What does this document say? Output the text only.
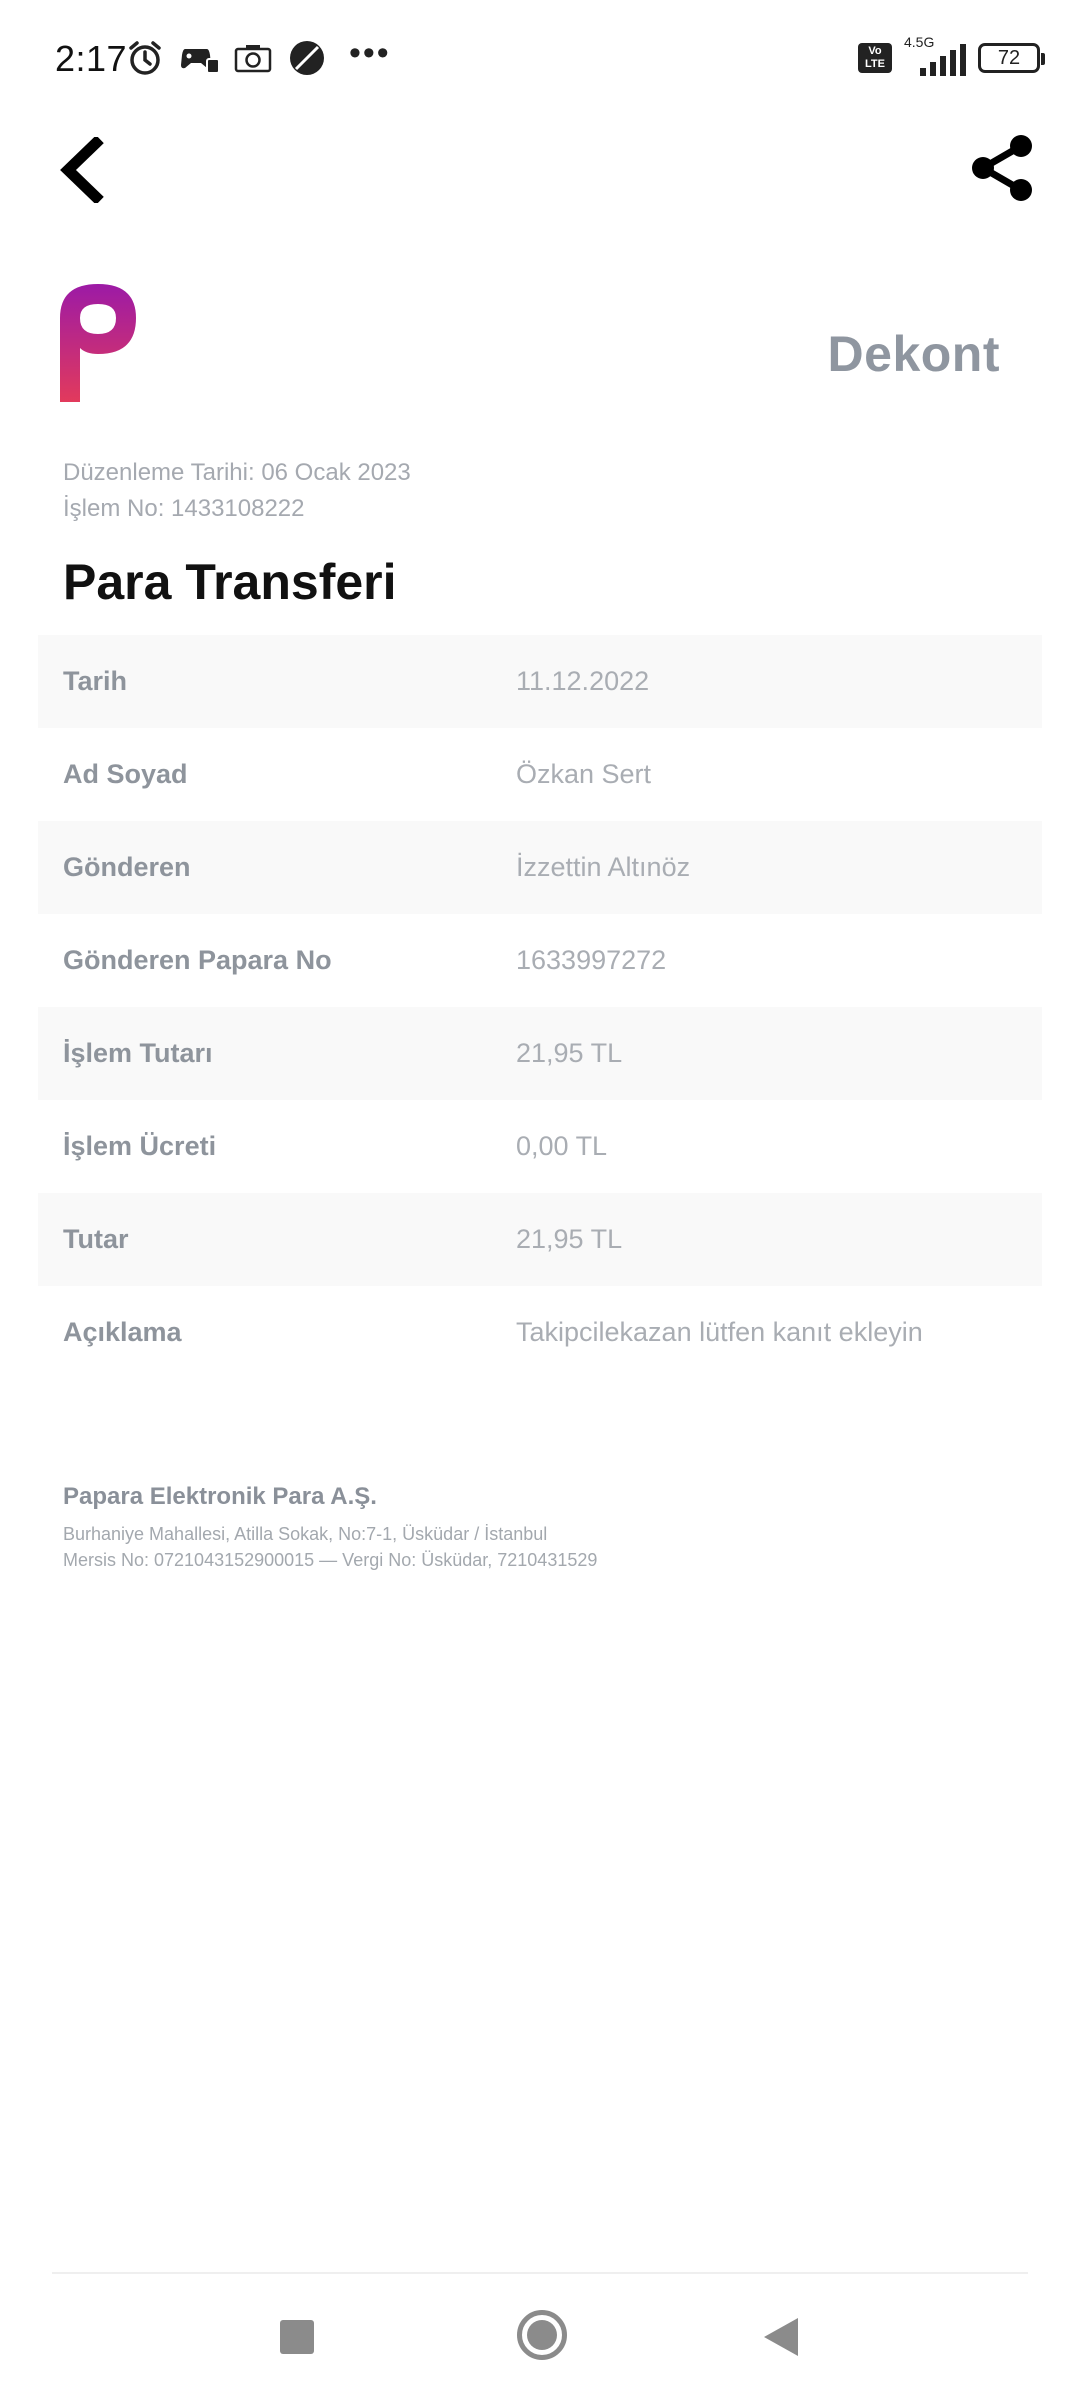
2:17	•••	Vo
LTE
4.5G
72
Dekont
Düzenleme Tarihi: 06 Ocak 2023
İşlem No: 1433108222
Para Transferi
Tarih	11.12.2022
Ad Soyad	Özkan Sert
Gönderen	İzzettin Altınöz
Gönderen Papara No	1633997272
İşlem Tutarı	21,95 TL
İşlem Ücreti	0,00 TL
Tutar	21,95 TL
Açıklama	Takipcilekazan lütfen kanıt ekleyin
Papara Elektronik Para A.Ş.
Burhaniye Mahallesi, Atilla Sokak, No:7-1, Üsküdar / İstanbul
Mersis No: 0721043152900015 — Vergi No: Üsküdar, 7210431529
